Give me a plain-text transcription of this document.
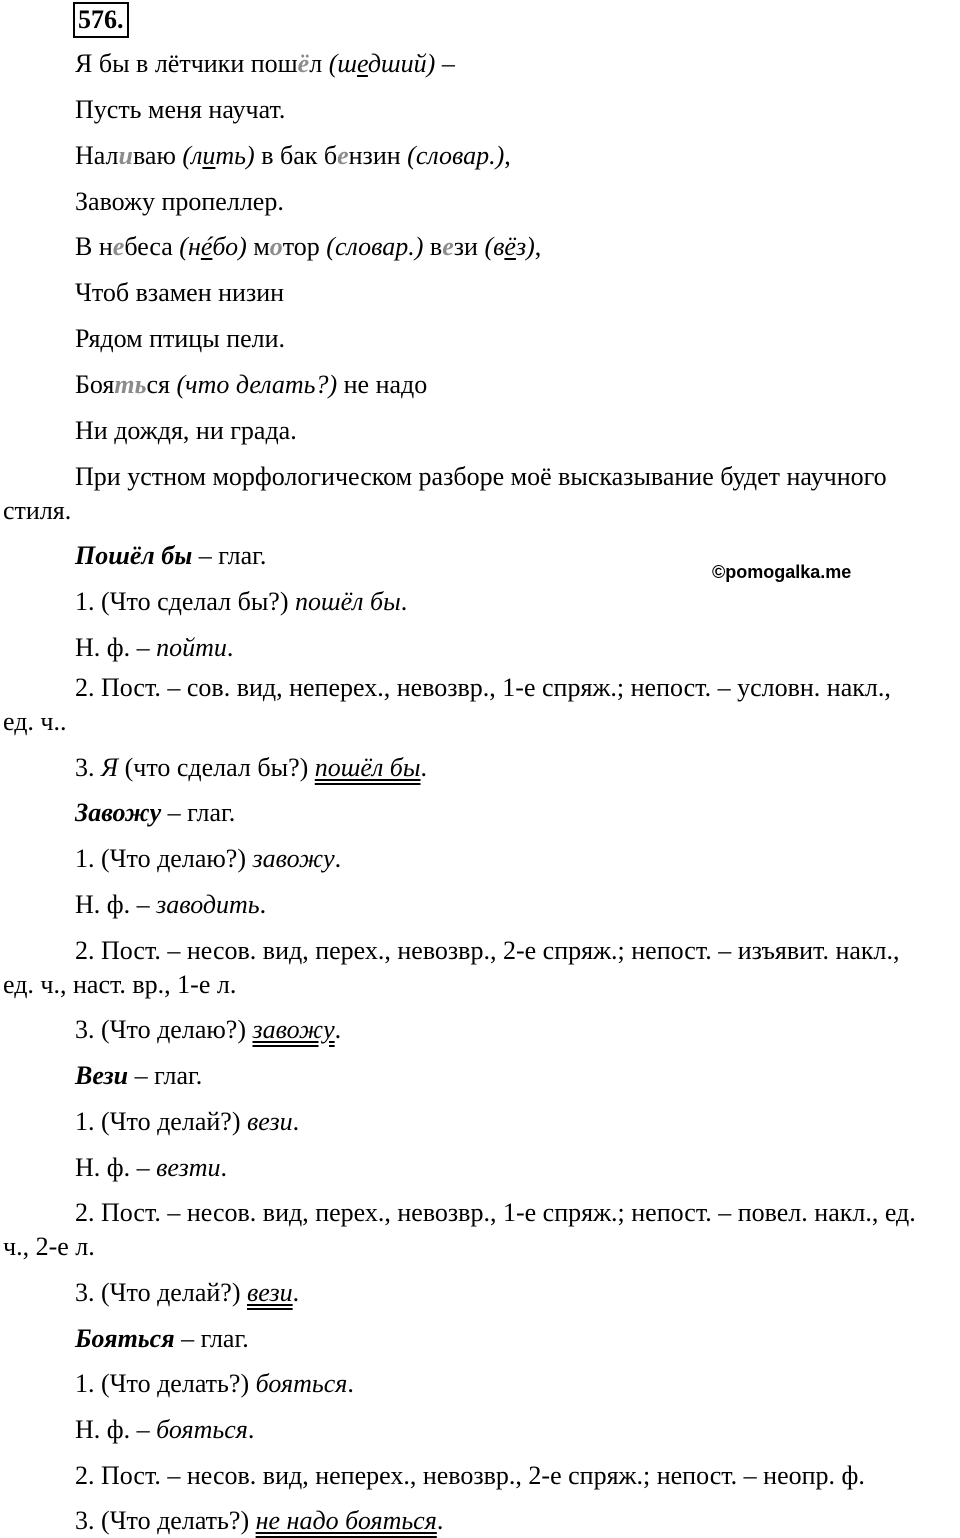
576.
Я бы в лётчики пошёл (шедший) –
Пусть меня научат.
Наливаю (лить) в бак бензин (словар.),
Завожу пропеллер.
В небеса (нéбо) мотор (словар.) вези (вёз),
Чтоб взамен низин
Рядом птицы пели.
Бояться (что делать?) не надо
Ни дождя, ни града.
При устном морфологическом разборе моё высказывание будет научного стиля.
©pomogalka.me
Пошёл бы – глаг.
1. (Что сделал бы?) пошёл бы.
Н. ф. – пойти.
2. Пост. – сов. вид, неперех., невозвр., 1-е спряж.; непост. – условн. накл., ед. ч..
3. Я (что сделал бы?) пошёл бы.
Завожу – глаг.
1. (Что делаю?) завожу.
Н. ф. – заводить.
2. Пост. – несов. вид, перех., невозвр., 2-е спряж.; непост. – изъявит. накл., ед. ч., наст. вр., 1-е л.
3. (Что делаю?) завожу.
Вези – глаг.
1. (Что делай?) вези.
Н. ф. – везти.
2. Пост. – несов. вид, перех., невозвр., 1-е спряж.; непост. – повел. накл., ед. ч., 2-е л.
3. (Что делай?) вези.
Бояться – глаг.
1. (Что делать?) бояться.
Н. ф. – бояться.
2. Пост. – несов. вид, неперех., невозвр., 2-е спряж.; непост. – неопр. ф.
3. (Что делать?) не надо бояться.
